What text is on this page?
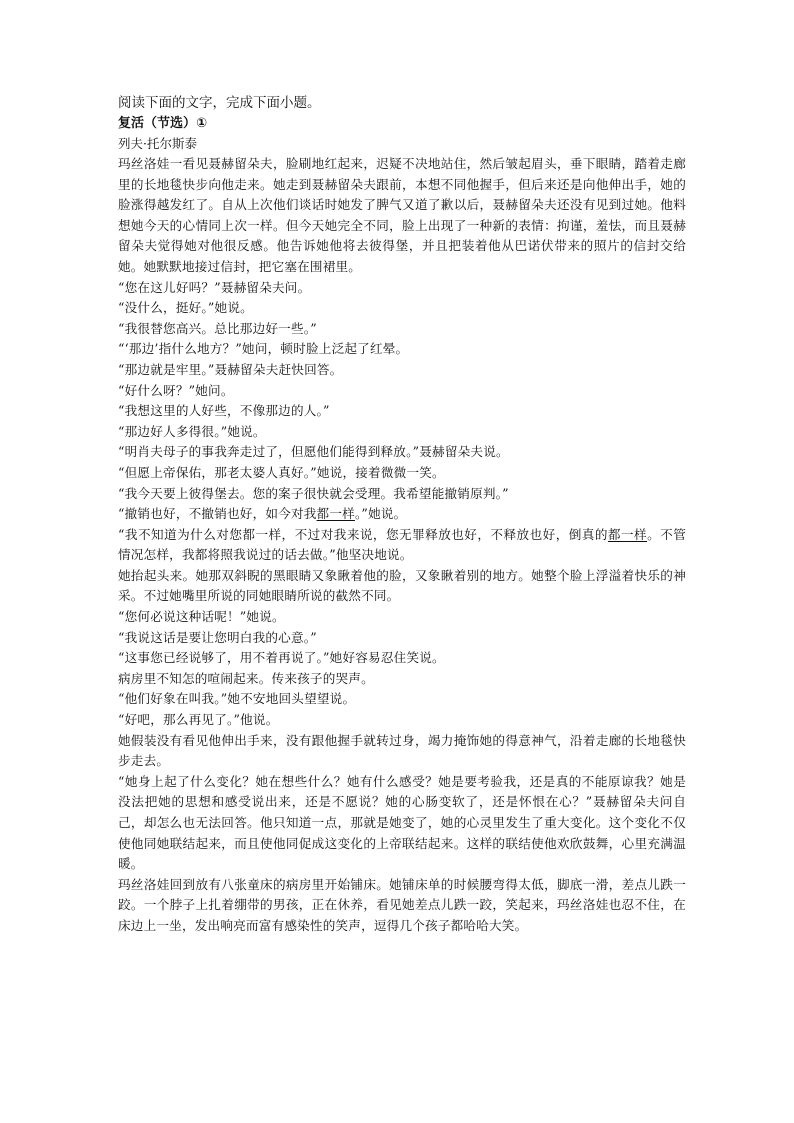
阅读下面的文字，完成下面小题。

复活（节选）①

列夫·托尔斯泰

玛丝洛娃一看见聂赫留朵夫，脸刷地红起来，迟疑不决地站住，然后皱起眉头，垂下眼睛，踏着走廊里的长地毯快步向他走来。她走到聂赫留朵夫跟前，本想不同他握手，但后来还是向他伸出手，她的脸涨得越发红了。自从上次他们谈话时她发了脾气又道了歉以后，聂赫留朵夫还没有见到过她。他料想她今天的心情同上次一样。但今天她完全不同，脸上出现了一种新的表情：拘谨，羞怯，而且聂赫留朵夫觉得她对他很反感。他告诉她他将去彼得堡，并且把装着他从巴诺伏带来的照片的信封交给她。她默默地接过信封，把它塞在围裙里。

“您在这儿好吗？”聂赫留朵夫问。

“没什么，挺好。”她说。

“我很替您高兴。总比那边好一些。”

“‘那边’指什么地方？”她问，顿时脸上泛起了红晕。

“那边就是牢里。”聂赫留朵夫赶快回答。

“好什么呀？”她问。

“我想这里的人好些，不像那边的人。”

“那边好人多得很。”她说。

“明肖夫母子的事我奔走过了，但愿他们能得到释放。”聂赫留朵夫说。

“但愿上帝保佑，那老太婆人真好。”她说，接着微微一笑。

“我今天要上彼得堡去。您的案子很快就会受理。我希望能撤销原判。”

“撤销也好，不撤销也好，如今对我都一样。”她说。

“我不知道为什么对您都一样，不过对我来说，您无罪释放也好，不释放也好，倒真的都一样。不管情况怎样，我都将照我说过的话去做。”他坚决地说。

她抬起头来。她那双斜睨的黑眼睛又象瞅着他的脸，又象瞅着别的地方。她整个脸上浮溢着快乐的神采。不过她嘴里所说的同她眼睛所说的截然不同。

“您何必说这种话呢！”她说。

“我说这话是要让您明白我的心意。”

“这事您已经说够了，用不着再说了。”她好容易忍住笑说。

病房里不知怎的喧闹起来。传来孩子的哭声。

“他们好象在叫我。”她不安地回头望望说。

“好吧，那么再见了。”他说。

她假装没有看见他伸出手来，没有跟他握手就转过身，竭力掩饰她的得意神气，沿着走廊的长地毯快步走去。

“她身上起了什么变化？她在想些什么？她有什么感受？她是要考验我，还是真的不能原谅我？她是没法把她的思想和感受说出来，还是不愿说？她的心肠变软了，还是怀恨在心？”聂赫留朵夫问自己，却怎么也无法回答。他只知道一点，那就是她变了，她的心灵里发生了重大变化。这个变化不仅使他同她联结起来，而且使他同促成这变化的上帝联结起来。这样的联结使他欢欣鼓舞，心里充满温暖。

玛丝洛娃回到放有八张童床的病房里开始铺床。她铺床单的时候腰弯得太低，脚底一滑，差点儿跌一跤。一个脖子上扎着绷带的男孩，正在休养，看见她差点儿跌一跤，笑起来，玛丝洛娃也忍不住，在床边上一坐，发出响亮而富有感染性的笑声，逗得几个孩子都哈哈大笑。
